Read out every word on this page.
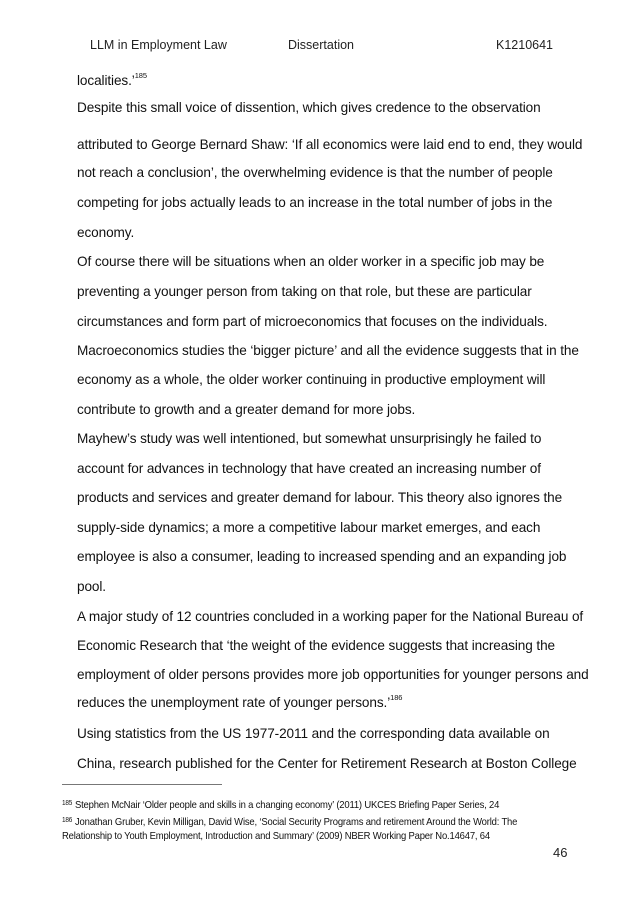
LLM in Employment Law	Dissertation	K1210641
localities.’$^{185}$
Despite this small voice of dissention, which gives credence to the observation
attributed to George Bernard Shaw: ‘If all economics were laid end to end, they would
not reach a conclusion’, the overwhelming evidence is that the number of people
competing for jobs actually leads to an increase in the total number of jobs in the
economy.
Of course there will be situations when an older worker in a specific job may be
preventing a younger person from taking on that role, but these are particular
circumstances and form part of microeconomics that focuses on the individuals.
Macroeconomics studies the ‘bigger picture’ and all the evidence suggests that in the
economy as a whole, the older worker continuing in productive employment will
contribute to growth and a greater demand for more jobs.
Mayhew’s study was well intentioned, but somewhat unsurprisingly he failed to
account for advances in technology that have created an increasing number of
products and services and greater demand for labour. This theory also ignores the
supply-side dynamics; a more a competitive labour market emerges, and each
employee is also a consumer, leading to increased spending and an expanding job
pool.
A major study of 12 countries concluded in a working paper for the National Bureau of
Economic Research that ‘the weight of the evidence suggests that increasing the
employment of older persons provides more job opportunities for younger persons and
reduces the unemployment rate of younger persons.’$^{186}$
Using statistics from the US 1977-2011 and the corresponding data available on
China, research published for the Center for Retirement Research at Boston College
$^{185}$ Stephen McNair ‘Older people and skills in a changing economy’ (2011) UKCES Briefing Paper Series, 24
$^{186}$ Jonathan Gruber, Kevin Milligan, David Wise, ‘Social Security Programs and retirement Around the World: The
Relationship to Youth Employment, Introduction and Summary’ (2009) NBER Working Paper No.14647, 64
46
